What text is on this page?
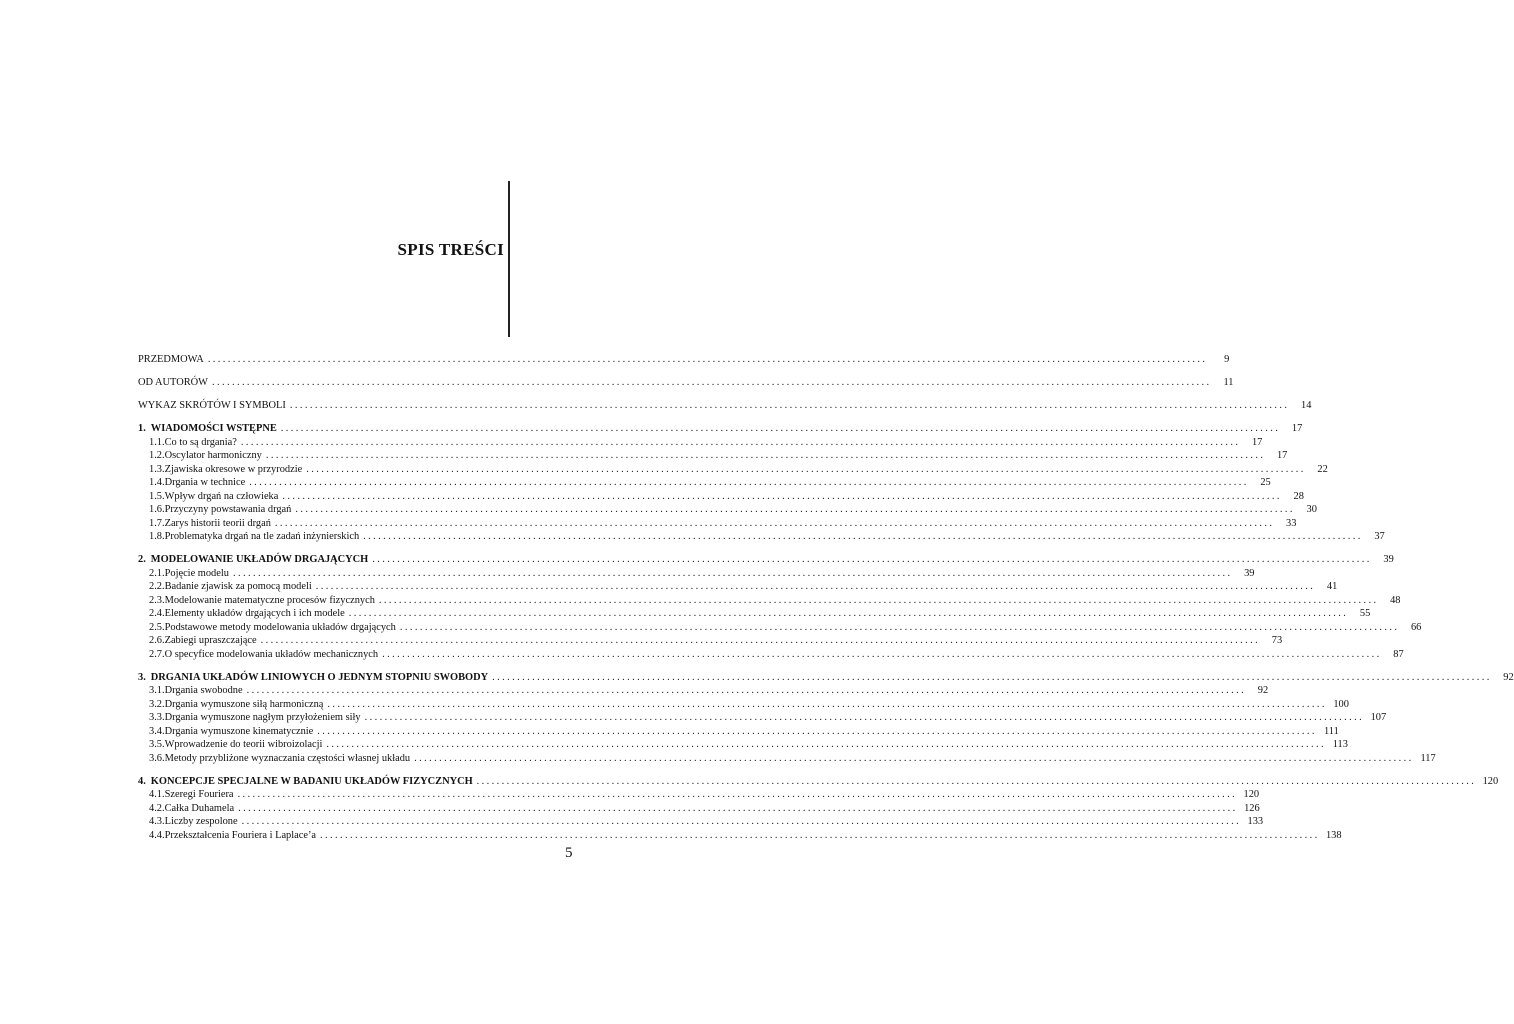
SPIS TREŚCI
PRZEDMOWA ........................................................................................................................................................................................................	9
OD AUTORÓW ........................................................................................................................................................................................................	11
WYKAZ SKRÓTÓW I SYMBOLI ........................................................................................................................................................................................................	14
1. WIADOMOŚCI WSTĘPNE ........................................................................................................................................................................................................	17
1.1. Co to są drgania? ........................................................................................................................................................................................................	17
1.2. Oscylator harmoniczny ........................................................................................................................................................................................................	17
1.3. Zjawiska okresowe w przyrodzie ........................................................................................................................................................................................................	22
1.4. Drgania w technice ........................................................................................................................................................................................................	25
1.5. Wpływ drgań na człowieka ........................................................................................................................................................................................................	28
1.6. Przyczyny powstawania drgań ........................................................................................................................................................................................................	30
1.7. Zarys historii teorii drgań ........................................................................................................................................................................................................	33
1.8. Problematyka drgań na tle zadań inżynierskich ........................................................................................................................................................................................................	37
2. MODELOWANIE UKŁADÓW DRGAJĄCYCH ........................................................................................................................................................................................................	39
2.1. Pojęcie modelu ........................................................................................................................................................................................................	39
2.2. Badanie zjawisk za pomocą modeli ........................................................................................................................................................................................................	41
2.3. Modelowanie matematyczne procesów fizycznych ........................................................................................................................................................................................................	48
2.4. Elementy układów drgających i ich modele ........................................................................................................................................................................................................	55
2.5. Podstawowe metody modelowania układów drgających ........................................................................................................................................................................................................	66
2.6. Zabiegi upraszczające ........................................................................................................................................................................................................	73
2.7. O specyfice modelowania układów mechanicznych ........................................................................................................................................................................................................	87
3. DRGANIA UKŁADÓW LINIOWYCH O JEDNYM STOPNIU SWOBODY ........................................................................................................................................................................................................	92
3.1. Drgania swobodne ........................................................................................................................................................................................................	92
3.2. Drgania wymuszone siłą harmoniczną ........................................................................................................................................................................................................ 100
3.3. Drgania wymuszone nagłym przyłożeniem siły ........................................................................................................................................................................................................ 107
3.4. Drgania wymuszone kinematycznie ........................................................................................................................................................................................................ 111
3.5. Wprowadzenie do teorii wibroizolacji ........................................................................................................................................................................................................ 113
3.6. Metody przybliżone wyznaczania częstości własnej układu ........................................................................................................................................................................................................ 117
4. KONCEPCJE SPECJALNE W BADANIU UKŁADÓW FIZYCZNYCH ........................................................................................................................................................................................................ 120
4.1. Szeregi Fouriera ........................................................................................................................................................................................................ 120
4.2. Całka Duhamela ........................................................................................................................................................................................................ 126
4.3. Liczby zespolone ........................................................................................................................................................................................................ 133
4.4. Przekształcenia Fouriera i Laplace’a ........................................................................................................................................................................................................ 138
5
